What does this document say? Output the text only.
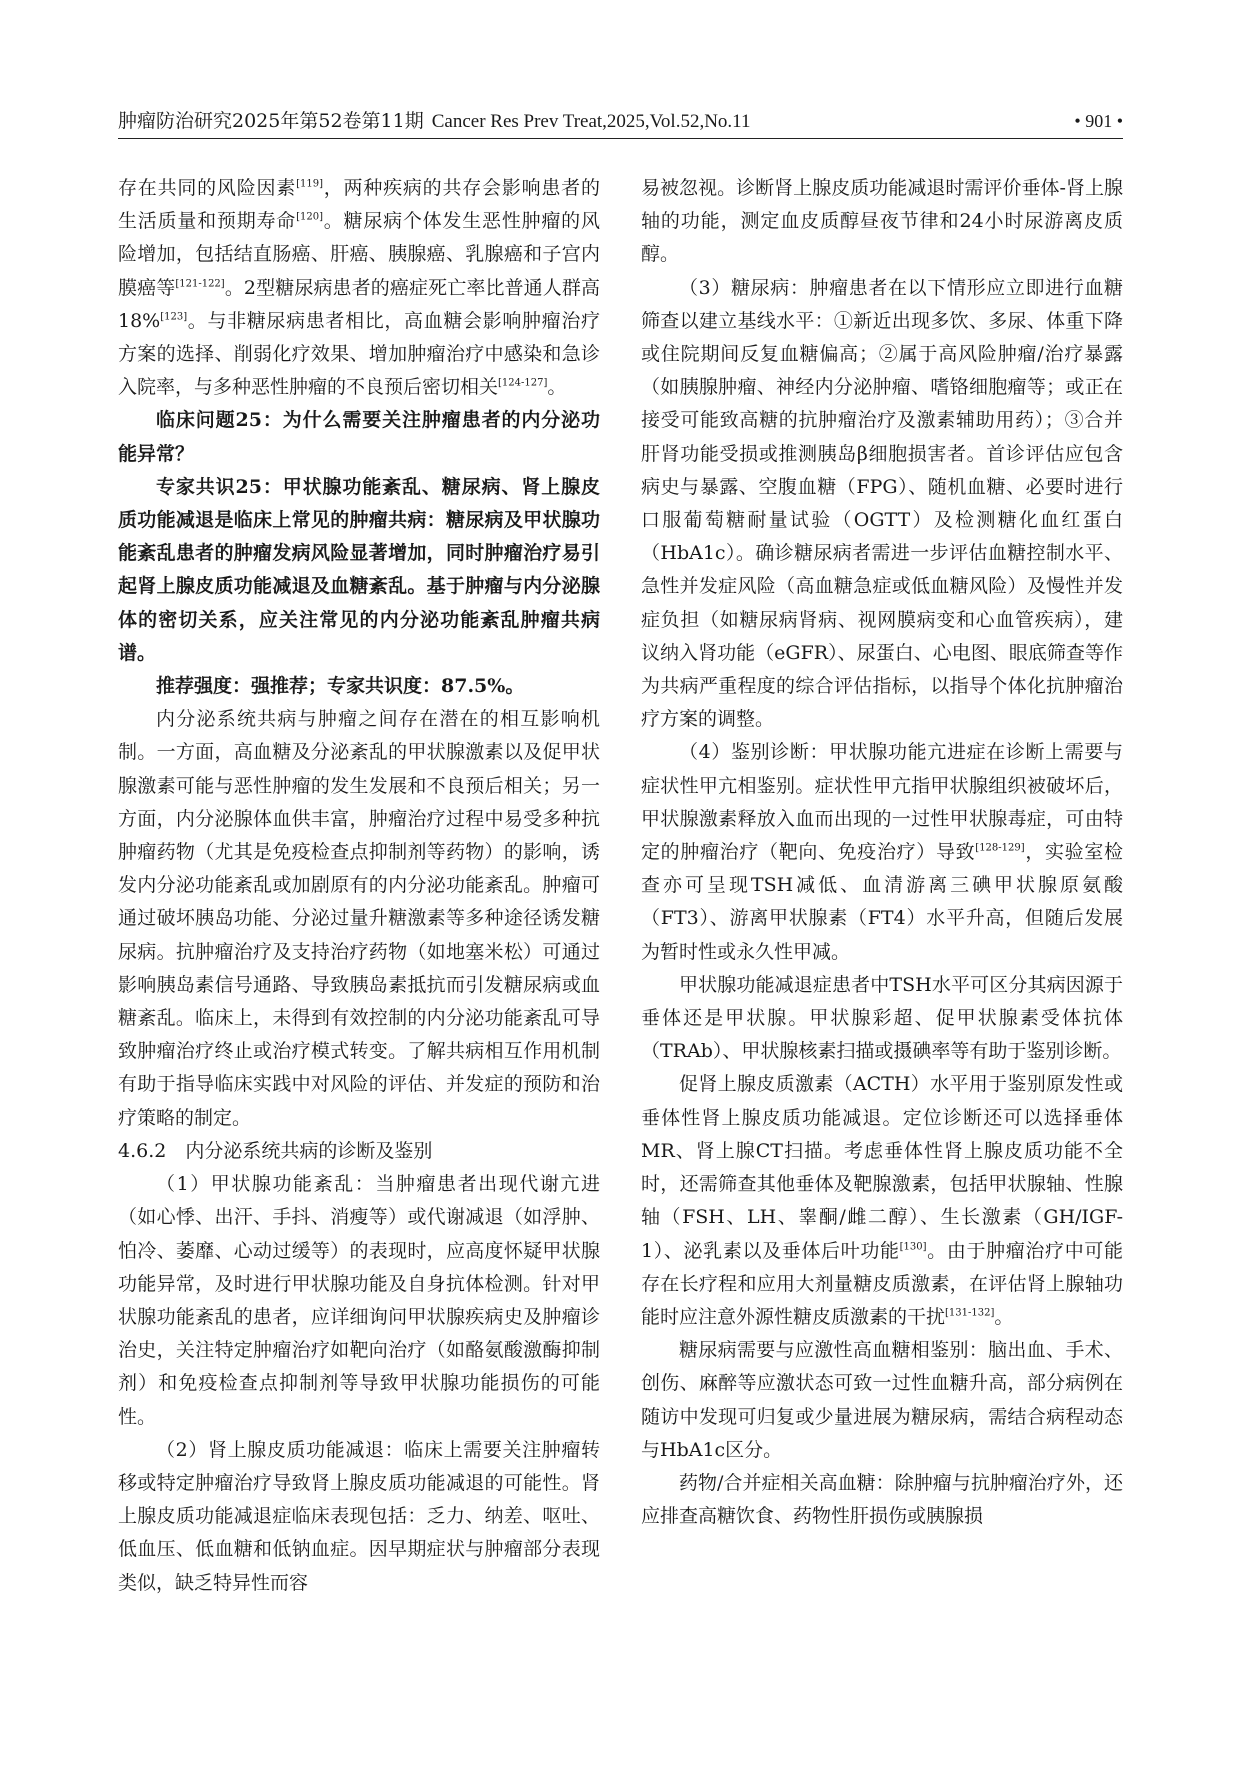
肿瘤防治研究2025年第52卷第11期 Cancer Res Prev Treat,2025,Vol.52,No.11	• 901 •

存在共同的风险因素[119]，两种疾病的共存会影响患者的生活质量和预期寿命[120]。糖尿病个体发生恶性肿瘤的风险增加，包括结直肠癌、肝癌、胰腺癌、乳腺癌和子宫内膜癌等[121-122]。2型糖尿病患者的癌症死亡率比普通人群高18%[123]。与非糖尿病患者相比，高血糖会影响肿瘤治疗方案的选择、削弱化疗效果、增加肿瘤治疗中感染和急诊入院率，与多种恶性肿瘤的不良预后密切相关[124-127]。

临床问题25：为什么需要关注肿瘤患者的内分泌功能异常？

专家共识25：甲状腺功能紊乱、糖尿病、肾上腺皮质功能减退是临床上常见的肿瘤共病：糖尿病及甲状腺功能紊乱患者的肿瘤发病风险显著增加，同时肿瘤治疗易引起肾上腺皮质功能减退及血糖紊乱。基于肿瘤与内分泌腺体的密切关系，应关注常见的内分泌功能紊乱肿瘤共病谱。

推荐强度：强推荐；专家共识度：87.5%。

内分泌系统共病与肿瘤之间存在潜在的相互影响机制。一方面，高血糖及分泌紊乱的甲状腺激素以及促甲状腺激素可能与恶性肿瘤的发生发展和不良预后相关；另一方面，内分泌腺体血供丰富，肿瘤治疗过程中易受多种抗肿瘤药物（尤其是免疫检查点抑制剂等药物）的影响，诱发内分泌功能紊乱或加剧原有的内分泌功能紊乱。肿瘤可通过破坏胰岛功能、分泌过量升糖激素等多种途径诱发糖尿病。抗肿瘤治疗及支持治疗药物（如地塞米松）可通过影响胰岛素信号通路、导致胰岛素抵抗而引发糖尿病或血糖紊乱。临床上，未得到有效控制的内分泌功能紊乱可导致肿瘤治疗终止或治疗模式转变。了解共病相互作用机制有助于指导临床实践中对风险的评估、并发症的预防和治疗策略的制定。

4.6.2　内分泌系统共病的诊断及鉴别

（1）甲状腺功能紊乱：当肿瘤患者出现代谢亢进（如心悸、出汗、手抖、消瘦等）或代谢减退（如浮肿、怕冷、萎靡、心动过缓等）的表现时，应高度怀疑甲状腺功能异常，及时进行甲状腺功能及自身抗体检测。针对甲状腺功能紊乱的患者，应详细询问甲状腺疾病史及肿瘤诊治史，关注特定肿瘤治疗如靶向治疗（如酪氨酸激酶抑制剂）和免疫检查点抑制剂等导致甲状腺功能损伤的可能性。

（2）肾上腺皮质功能减退：临床上需要关注肿瘤转移或特定肿瘤治疗导致肾上腺皮质功能减退的可能性。肾上腺皮质功能减退症临床表现包括：乏力、纳差、呕吐、低血压、低血糖和低钠血症。因早期症状与肿瘤部分表现类似，缺乏特异性而容

易被忽视。诊断肾上腺皮质功能减退时需评价垂体-肾上腺轴的功能，测定血皮质醇昼夜节律和24小时尿游离皮质醇。

（3）糖尿病：肿瘤患者在以下情形应立即进行血糖筛查以建立基线水平：①新近出现多饮、多尿、体重下降或住院期间反复血糖偏高；②属于高风险肿瘤/治疗暴露（如胰腺肿瘤、神经内分泌肿瘤、嗜铬细胞瘤等；或正在接受可能致高糖的抗肿瘤治疗及激素辅助用药）；③合并肝肾功能受损或推测胰岛β细胞损害者。首诊评估应包含病史与暴露、空腹血糖（FPG）、随机血糖、必要时进行口服葡萄糖耐量试验（OGTT）及检测糖化血红蛋白（HbA1c）。确诊糖尿病者需进一步评估血糖控制水平、急性并发症风险（高血糖急症或低血糖风险）及慢性并发症负担（如糖尿病肾病、视网膜病变和心血管疾病），建议纳入肾功能（eGFR）、尿蛋白、心电图、眼底筛查等作为共病严重程度的综合评估指标，以指导个体化抗肿瘤治疗方案的调整。

（4）鉴别诊断：甲状腺功能亢进症在诊断上需要与症状性甲亢相鉴别。症状性甲亢指甲状腺组织被破坏后，甲状腺激素释放入血而出现的一过性甲状腺毒症，可由特定的肿瘤治疗（靶向、免疫治疗）导致[128-129]，实验室检查亦可呈现TSH减低、血清游离三碘甲状腺原氨酸（FT3）、游离甲状腺素（FT4）水平升高，但随后发展为暂时性或永久性甲减。

甲状腺功能减退症患者中TSH水平可区分其病因源于垂体还是甲状腺。甲状腺彩超、促甲状腺素受体抗体（TRAb）、甲状腺核素扫描或摄碘率等有助于鉴别诊断。

促肾上腺皮质激素（ACTH）水平用于鉴别原发性或垂体性肾上腺皮质功能减退。定位诊断还可以选择垂体MR、肾上腺CT扫描。考虑垂体性肾上腺皮质功能不全时，还需筛查其他垂体及靶腺激素，包括甲状腺轴、性腺轴（FSH、LH、睾酮/雌二醇）、生长激素（GH/IGF-1）、泌乳素以及垂体后叶功能[130]。由于肿瘤治疗中可能存在长疗程和应用大剂量糖皮质激素，在评估肾上腺轴功能时应注意外源性糖皮质激素的干扰[131-132]。

糖尿病需要与应激性高血糖相鉴别：脑出血、手术、创伤、麻醉等应激状态可致一过性血糖升高，部分病例在随访中发现可归复或少量进展为糖尿病，需结合病程动态与HbA1c区分。

药物/合并症相关高血糖：除肿瘤与抗肿瘤治疗外，还应排查高糖饮食、药物性肝损伤或胰腺损
